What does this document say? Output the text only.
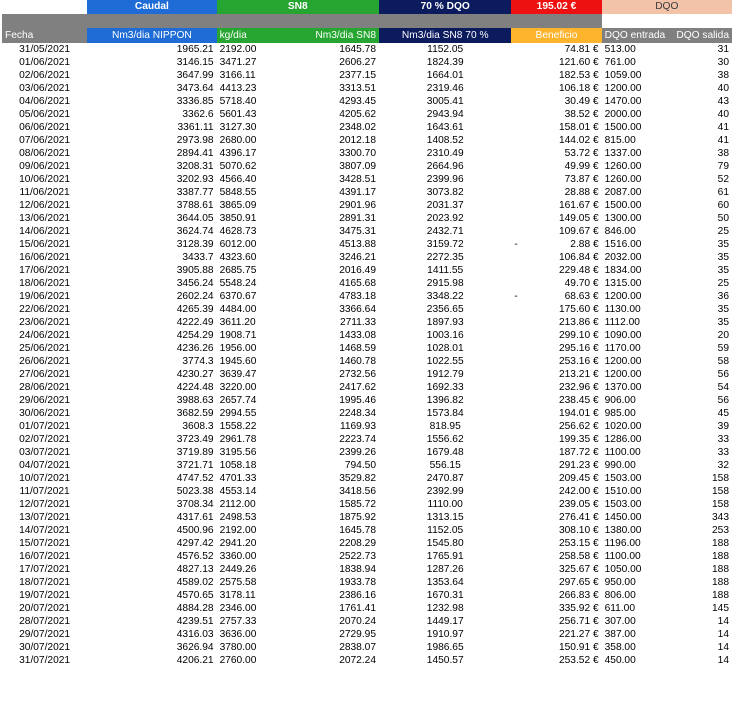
	Caudal	SN8		70 % DQO	195.02 €	DQO	

Fecha	Nm3/dia NIPPON	kg/dia	Nm3/dia SN8	Nm3/dia SN8 70 %	Beneficio	DQO entrada	DQO salida
31/05/2021	1965.21	2192.00	1645.78	1152.05	74.81 €	513.00	31
01/06/2021	3146.15	3471.27	2606.27	1824.39	121.60 €	761.00	30
02/06/2021	3647.99	3166.11	2377.15	1664.01	182.53 €	1059.00	38
03/06/2021	3473.64	4413.23	3313.51	2319.46	106.18 €	1200.00	40
04/06/2021	3336.85	5718.40	4293.45	3005.41	30.49 €	1470.00	43
05/06/2021	3362.6	5601.43	4205.62	2943.94	38.52 €	2000.00	40
06/06/2021	3361.11	3127.30	2348.02	1643.61	158.01 €	1500.00	41
07/06/2021	2973.98	2680.00	2012.18	1408.52	144.02 €	815.00	41
08/06/2021	2894.41	4396.17	3300.70	2310.49	53.72 €	1337.00	38
09/06/2021	3208.31	5070.62	3807.09	2664.96	49.99 €	1260.00	79
10/06/2021	3202.93	4566.40	3428.51	2399.96	73.87 €	1260.00	52
11/06/2021	3387.77	5848.55	4391.17	3073.82	28.88 €	2087.00	61
12/06/2021	3788.61	3865.09	2901.96	2031.37	161.67 €	1500.00	60
13/06/2021	3644.05	3850.91	2891.31	2023.92	149.05 €	1300.00	50
14/06/2021	3624.74	4628.73	3475.31	2432.71	109.67 €	846.00	25
15/06/2021	3128.39	6012.00	4513.88	3159.72	- 2.88 €	1516.00	35
16/06/2021	3433.7	4323.60	3246.21	2272.35	106.84 €	2032.00	35
17/06/2021	3905.88	2685.75	2016.49	1411.55	229.48 €	1834.00	35
18/06/2021	3456.24	5548.24	4165.68	2915.98	49.70 €	1315.00	25
19/06/2021	2602.24	6370.67	4783.18	3348.22	- 68.63 €	1200.00	36
22/06/2021	4265.39	4484.00	3366.64	2356.65	175.60 €	1130.00	35
23/06/2021	4222.49	3611.20	2711.33	1897.93	213.86 €	1112.00	35
24/06/2021	4254.29	1908.71	1433.08	1003.16	299.10 €	1090.00	20
25/06/2021	4236.26	1956.00	1468.59	1028.01	295.16 €	1170.00	59
26/06/2021	3774.3	1945.60	1460.78	1022.55	253.16 €	1200.00	58
27/06/2021	4230.27	3639.47	2732.56	1912.79	213.21 €	1200.00	56
28/06/2021	4224.48	3220.00	2417.62	1692.33	232.96 €	1370.00	54
29/06/2021	3988.63	2657.74	1995.46	1396.82	238.45 €	906.00	56
30/06/2021	3682.59	2994.55	2248.34	1573.84	194.01 €	985.00	45
01/07/2021	3608.3	1558.22	1169.93	818.95	256.62 €	1020.00	39
02/07/2021	3723.49	2961.78	2223.74	1556.62	199.35 €	1286.00	33
03/07/2021	3719.89	3195.56	2399.26	1679.48	187.72 €	1100.00	33
04/07/2021	3721.71	1058.18	794.50	556.15	291.23 €	990.00	32
10/07/2021	4747.52	4701.33	3529.82	2470.87	209.45 €	1503.00	158
11/07/2021	5023.38	4553.14	3418.56	2392.99	242.00 €	1510.00	158
12/07/2021	3708.34	2112.00	1585.72	1110.00	239.05 €	1503.00	158
13/07/2021	4317.61	2498.53	1875.92	1313.15	276.41 €	1450.00	343
14/07/2021	4500.96	2192.00	1645.78	1152.05	308.10 €	1380.00	253
15/07/2021	4297.42	2941.20	2208.29	1545.80	253.15 €	1196.00	188
16/07/2021	4576.52	3360.00	2522.73	1765.91	258.58 €	1100.00	188
17/07/2021	4827.13	2449.26	1838.94	1287.26	325.67 €	1050.00	188
18/07/2021	4589.02	2575.58	1933.78	1353.64	297.65 €	950.00	188
19/07/2021	4570.65	3178.11	2386.16	1670.31	266.83 €	806.00	188
20/07/2021	4884.28	2346.00	1761.41	1232.98	335.92 €	611.00	145
28/07/2021	4239.51	2757.33	2070.24	1449.17	256.71 €	307.00	14
29/07/2021	4316.03	3636.00	2729.95	1910.97	221.27 €	387.00	14
30/07/2021	3626.94	3780.00	2838.07	1986.65	150.91 €	358.00	14
31/07/2021	4206.21	2760.00	2072.24	1450.57	253.52 €	450.00	14
